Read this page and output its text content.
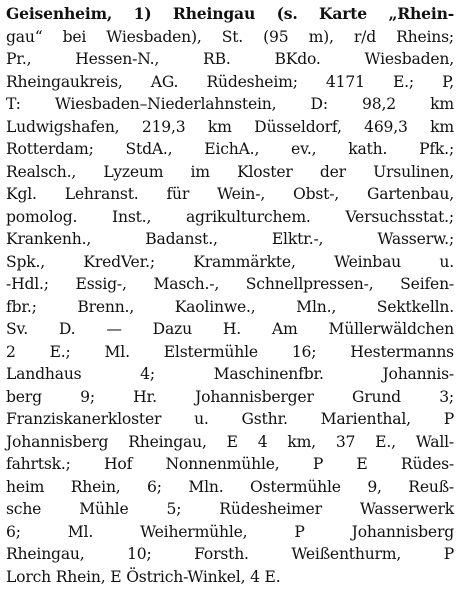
Geisenheim, 1) Rheingau (s. Karte „Rhein-
gau“ bei Wiesbaden), St. (95 m), r/d Rheins;
Pr., Hessen-N., RB. BKdo. Wiesbaden,
Rheingaukreis, AG. Rüdesheim; 4171 E.; P,
T: Wiesbaden–Niederlahnstein, D: 98,2 km
Ludwigshafen, 219,3 km Düsseldorf, 469,3 km
Rotterdam; StdA., EichA., ev., kath. Pfk.;
Realsch., Lyzeum im Kloster der Ursulinen,
Kgl. Lehranst. für Wein-, Obst-, Gartenbau,
pomolog. Inst., agrikulturchem. Versuchsstat.;
Krankenh., Badanst., Elktr.-, Wasserw.;
Spk., KredVer.; Krammärkte, Weinbau u.
-Hdl.; Essig-, Masch.-, Schnellpressen-, Seifen-
fbr.; Brenn., Kaolinwe., Mln., Sektkelln.
Sv. D. — Dazu H. Am Müllerwäldchen
2 E.; Ml. Elstermühle 16; Hestermanns
Landhaus 4; Maschinenfbr. Johannis-
berg 9; Hr. Johannisberger Grund 3;
Franziskanerkloster u. Gsthr. Marienthal, P
Johannisberg Rheingau, E 4 km, 37 E., Wall-
fahrtsk.; Hof Nonnenmühle, P E Rüdes-
heim Rhein, 6; Mln. Ostermühle 9, Reuß-
sche Mühle 5; Rüdesheimer Wasserwerk
6; Ml. Weihermühle, P Johannisberg
Rheingau, 10; Forsth. Weißenthurm, P
Lorch Rhein, E Östrich-Winkel, 4 E.
